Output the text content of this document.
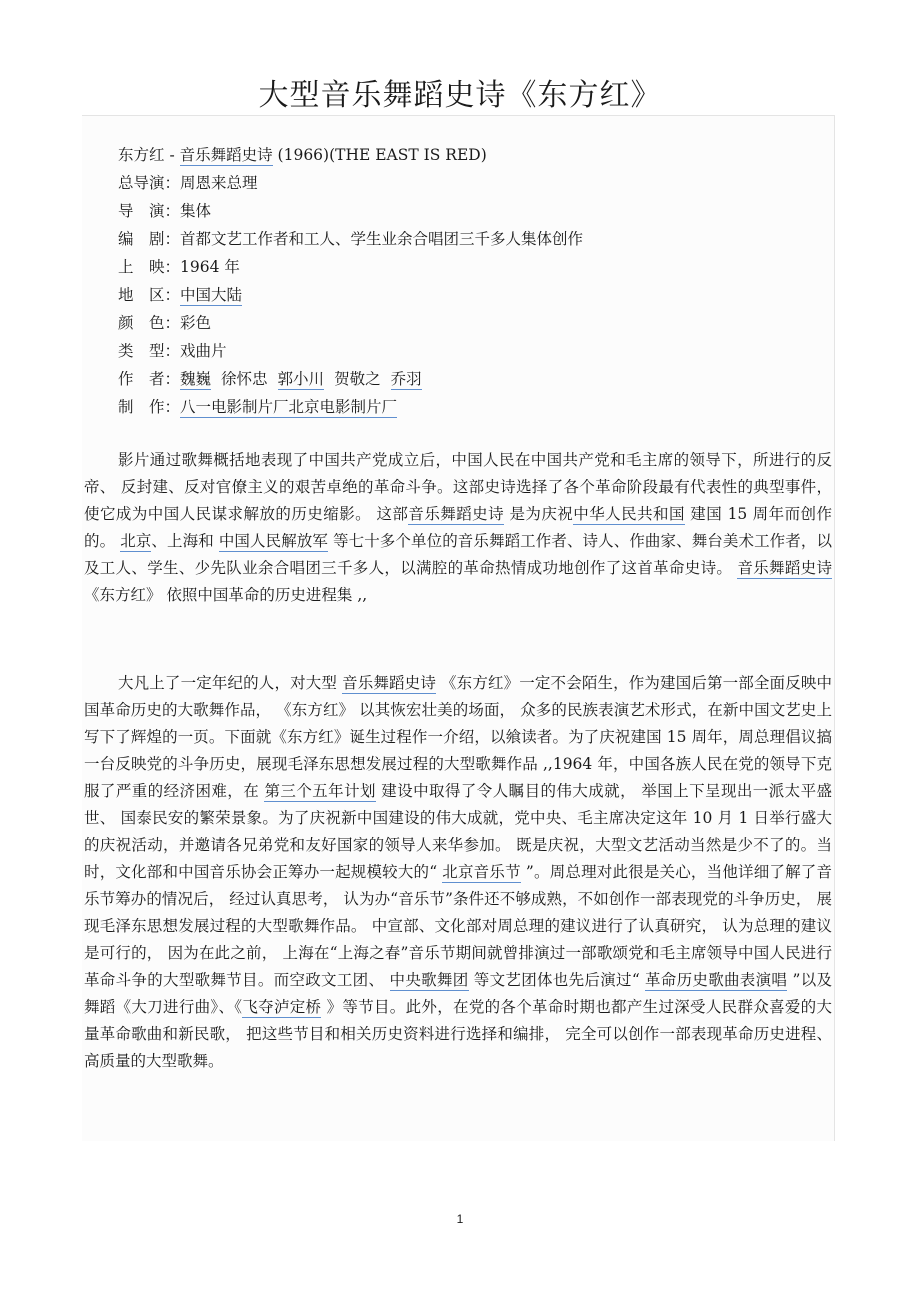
大型音乐舞蹈史诗《东方红》
东方红 - 音乐舞蹈史诗 (1966)(THE EAST IS RED)
总导演：周恩来总理
导　演：集体
编　剧：首都文艺工作者和工人、学生业余合唱团三千多人集体创作
上　映：1964 年
地　区：中国大陆
颜　色：彩色
类　型：戏曲片
作　者：魏巍 徐怀忠 郭小川 贺敬之 乔羽
制　作：八一电影制片厂北京电影制片厂

影片通过歌舞概括地表现了中国共产党成立后，中国人民在中国共产党和毛主席的领导下，所进行的反帝、 反封建、反对官僚主义的艰苦卓绝的革命斗争。这部史诗选择了各个革命阶段最有代表性的典型事件， 使它成为中国人民谋求解放的历史缩影。 这部音乐舞蹈史诗 是为庆祝中华人民共和国 建国 15 周年而创作的。 北京、上海和 中国人民解放军 等七十多个单位的音乐舞蹈工作者、诗人、作曲家、舞台美术工作者，以及工人、学生、少先队业余合唱团三千多人，以满腔的革命热情成功地创作了这首革命史诗。 音乐舞蹈史诗 《东方红》 依照中国革命的历史进程集 ,,

大凡上了一定年纪的人，对大型 音乐舞蹈史诗 《东方红》一定不会陌生，作为建国后第一部全面反映中国革命历史的大歌舞作品， 《东方红》 以其恢宏壮美的场面， 众多的民族表演艺术形式，在新中国文艺史上写下了辉煌的一页。下面就《东方红》诞生过程作一介绍，以飨读者。为了庆祝建国 15 周年，周总理倡议搞一台反映党的斗争历史，展现毛泽东思想发展过程的大型歌舞作品 ,,1964 年，中国各族人民在党的领导下克服了严重的经济困难，在 第三个五年计划 建设中取得了令人瞩目的伟大成就， 举国上下呈现出一派太平盛世、 国泰民安的繁荣景象。为了庆祝新中国建设的伟大成就，党中央、毛主席决定这年 10 月 1 日举行盛大的庆祝活动，并邀请各兄弟党和友好国家的领导人来华参加。 既是庆祝，大型文艺活动当然是少不了的。当时，文化部和中国音乐协会正筹办一起规模较大的“ 北京音乐节 ”。周总理对此很是关心，当他详细了解了音乐节筹办的情况后， 经过认真思考， 认为办“音乐节”条件还不够成熟，不如创作一部表现党的斗争历史， 展现毛泽东思想发展过程的大型歌舞作品。 中宣部、文化部对周总理的建议进行了认真研究， 认为总理的建议是可行的， 因为在此之前， 上海在“上海之春”音乐节期间就曾排演过一部歌颂党和毛主席领导中国人民进行革命斗争的大型歌舞节目。而空政文工团、 中央歌舞团 等文艺团体也先后演过“ 革命历史歌曲表演唱 ”以及舞蹈《大刀进行曲》、《飞夺泸定桥 》等节目。此外，在党的各个革命时期也都产生过深受人民群众喜爱的大量革命歌曲和新民歌， 把这些节目和相关历史资料进行选择和编排， 完全可以创作一部表现革命历史进程、高质量的大型歌舞。

1
